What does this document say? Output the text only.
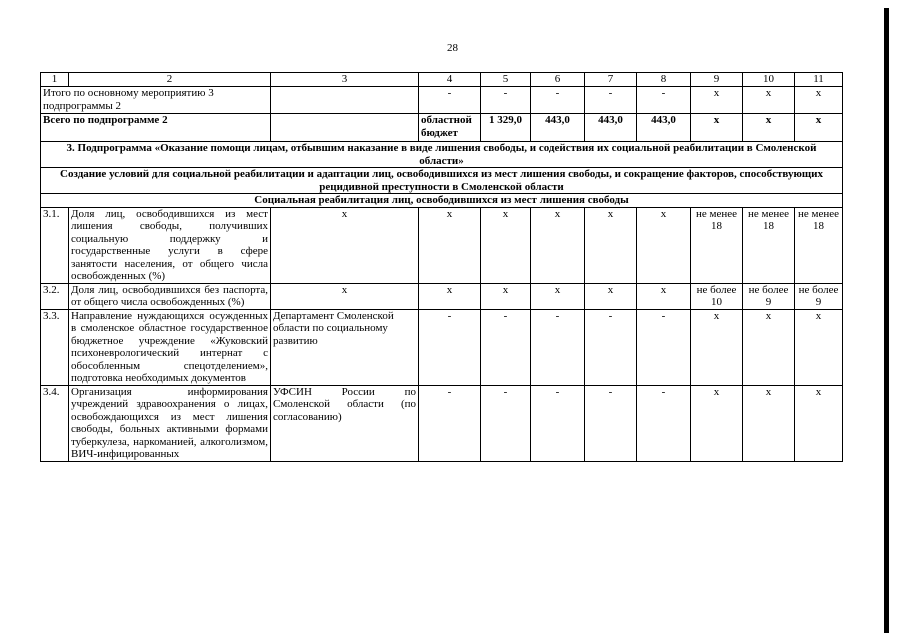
28
1	2	3	4	5	6	7	8	9	10	11
Итого по основному мероприятию 3 подпрограммы 2			-	-	-	-	-	х	х	х
Всего по подпрограмме 2			областной бюджет	1 329,0	443,0	443,0	443,0	х	х	х
3. Подпрограмма «Оказание помощи лицам, отбывшим наказание в виде лишения свободы, и содействия их социальной реабилитации в Смоленской области»										
Создание условий для социальной реабилитации и адаптации лиц, освободившихся из мест лишения свободы, и сокращение факторов, способствующих рецидивной преступности в Смоленской области										
Социальная реабилитация лиц, освободившихся из мест лишения свободы										
3.1.	Доля лиц, освободившихся из мест лишения свободы, получивших социальную поддержку и государственные услуги в сфере занятости населения, от общего числа освобожденных (%)	х	х	х	х	х	х	не менее 18	не менее 18	не менее 18
3.2.	Доля лиц, освободившихся без паспорта, от общего числа освобожденных (%)	х	х	х	х	х	х	не более 10	не более 9	не более 9
3.3.	Направление нуждающихся осужденных в смоленское областное государственное бюджетное учреждение «Жуковский психоневрологический интернат с обособленным спецотделением», подготовка необходимых документов	Департамент Смоленской области по социальному развитию	-	-	-	-	-	х	х	х
3.4.	Организация информирования учреждений здравоохранения о лицах, освобождающихся из мест лишения свободы, больных активными формами туберкулеза, наркоманией, алкоголизмом, ВИЧ-инфицированных	УФСИН России по Смоленской области (по согласованию)	-	-	-	-	-	х	х	х
